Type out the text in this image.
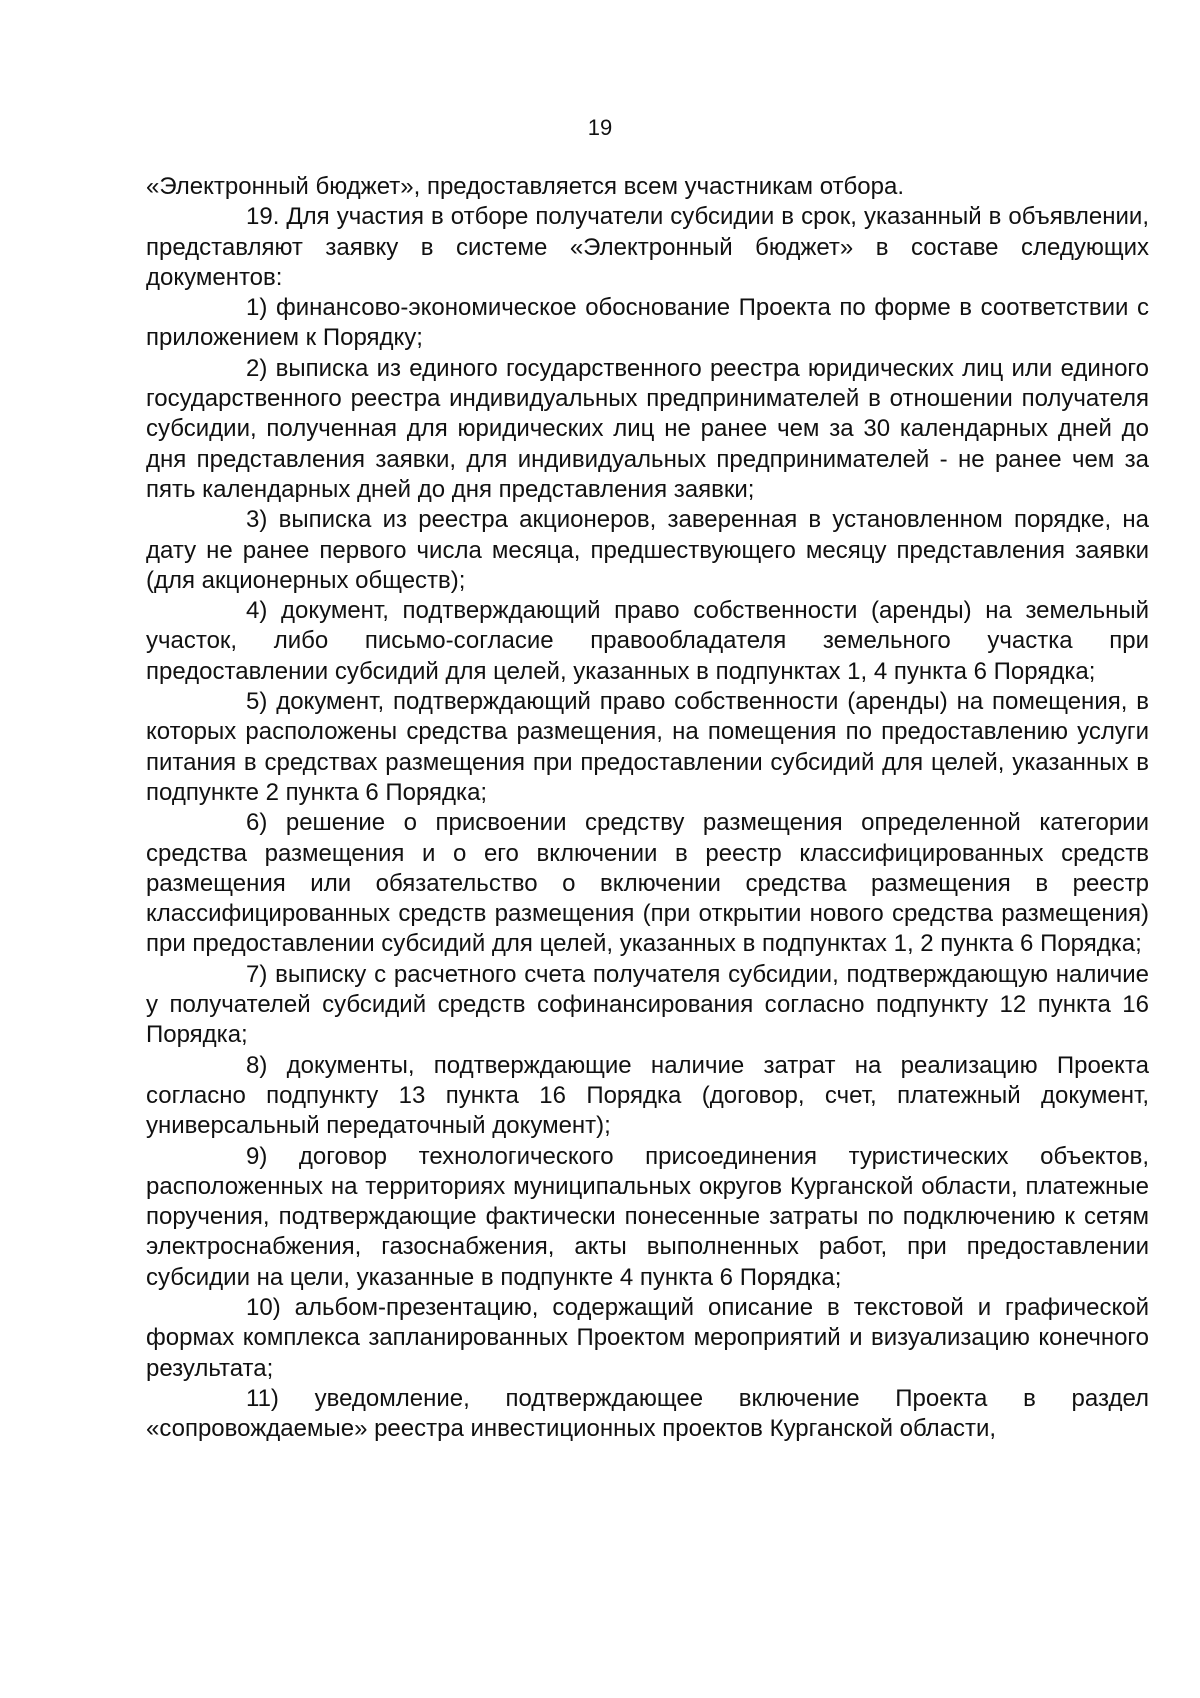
19

«Электронный бюджет», предоставляется всем участникам отбора.

19. Для участия в отборе получатели субсидии в срок, указанный в объявлении, представляют заявку в системе «Электронный бюджет» в составе следующих документов:

1) финансово-экономическое обоснование Проекта по форме в соответствии с приложением к Порядку;

2) выписка из единого государственного реестра юридических лиц или единого государственного реестра индивидуальных предпринимателей в отношении получателя субсидии, полученная для юридических лиц не ранее чем за 30 календарных дней до дня представления заявки, для индивидуальных предпринимателей - не ранее чем за пять календарных дней до дня представления заявки;

3) выписка из реестра акционеров, заверенная в установленном порядке, на дату не ранее первого числа месяца, предшествующего месяцу представления заявки (для акционерных обществ);

4) документ, подтверждающий право собственности (аренды) на земельный участок, либо письмо-согласие правообладателя земельного участка при предоставлении субсидий для целей, указанных в подпунктах 1, 4 пункта 6 Порядка;

5) документ, подтверждающий право собственности (аренды) на помещения, в которых расположены средства размещения, на помещения по предоставлению услуги питания в средствах размещения при предоставлении субсидий для целей, указанных в подпункте 2 пункта 6 Порядка;

6) решение о присвоении средству размещения определенной категории средства размещения и о его включении в реестр классифицированных средств размещения или обязательство о включении средства размещения в реестр классифицированных средств размещения (при открытии нового средства размещения) при предоставлении субсидий для целей, указанных в подпунктах 1, 2 пункта 6 Порядка;

7) выписку с расчетного счета получателя субсидии, подтверждающую наличие у получателей субсидий средств софинансирования согласно подпункту 12 пункта 16 Порядка;

8) документы, подтверждающие наличие затрат на реализацию Проекта согласно подпункту 13 пункта 16 Порядка (договор, счет, платежный документ, универсальный передаточный документ);

9) договор технологического присоединения туристических объектов, расположенных на территориях муниципальных округов Курганской области, платежные поручения, подтверждающие фактически понесенные затраты по подключению к сетям электроснабжения, газоснабжения, акты выполненных работ, при предоставлении субсидии на цели, указанные в подпункте 4 пункта 6 Порядка;

10) альбом-презентацию, содержащий описание в текстовой и графической формах комплекса запланированных Проектом мероприятий и визуализацию конечного результата;

11) уведомление, подтверждающее включение Проекта в раздел «сопровождаемые» реестра инвестиционных проектов Курганской области,
